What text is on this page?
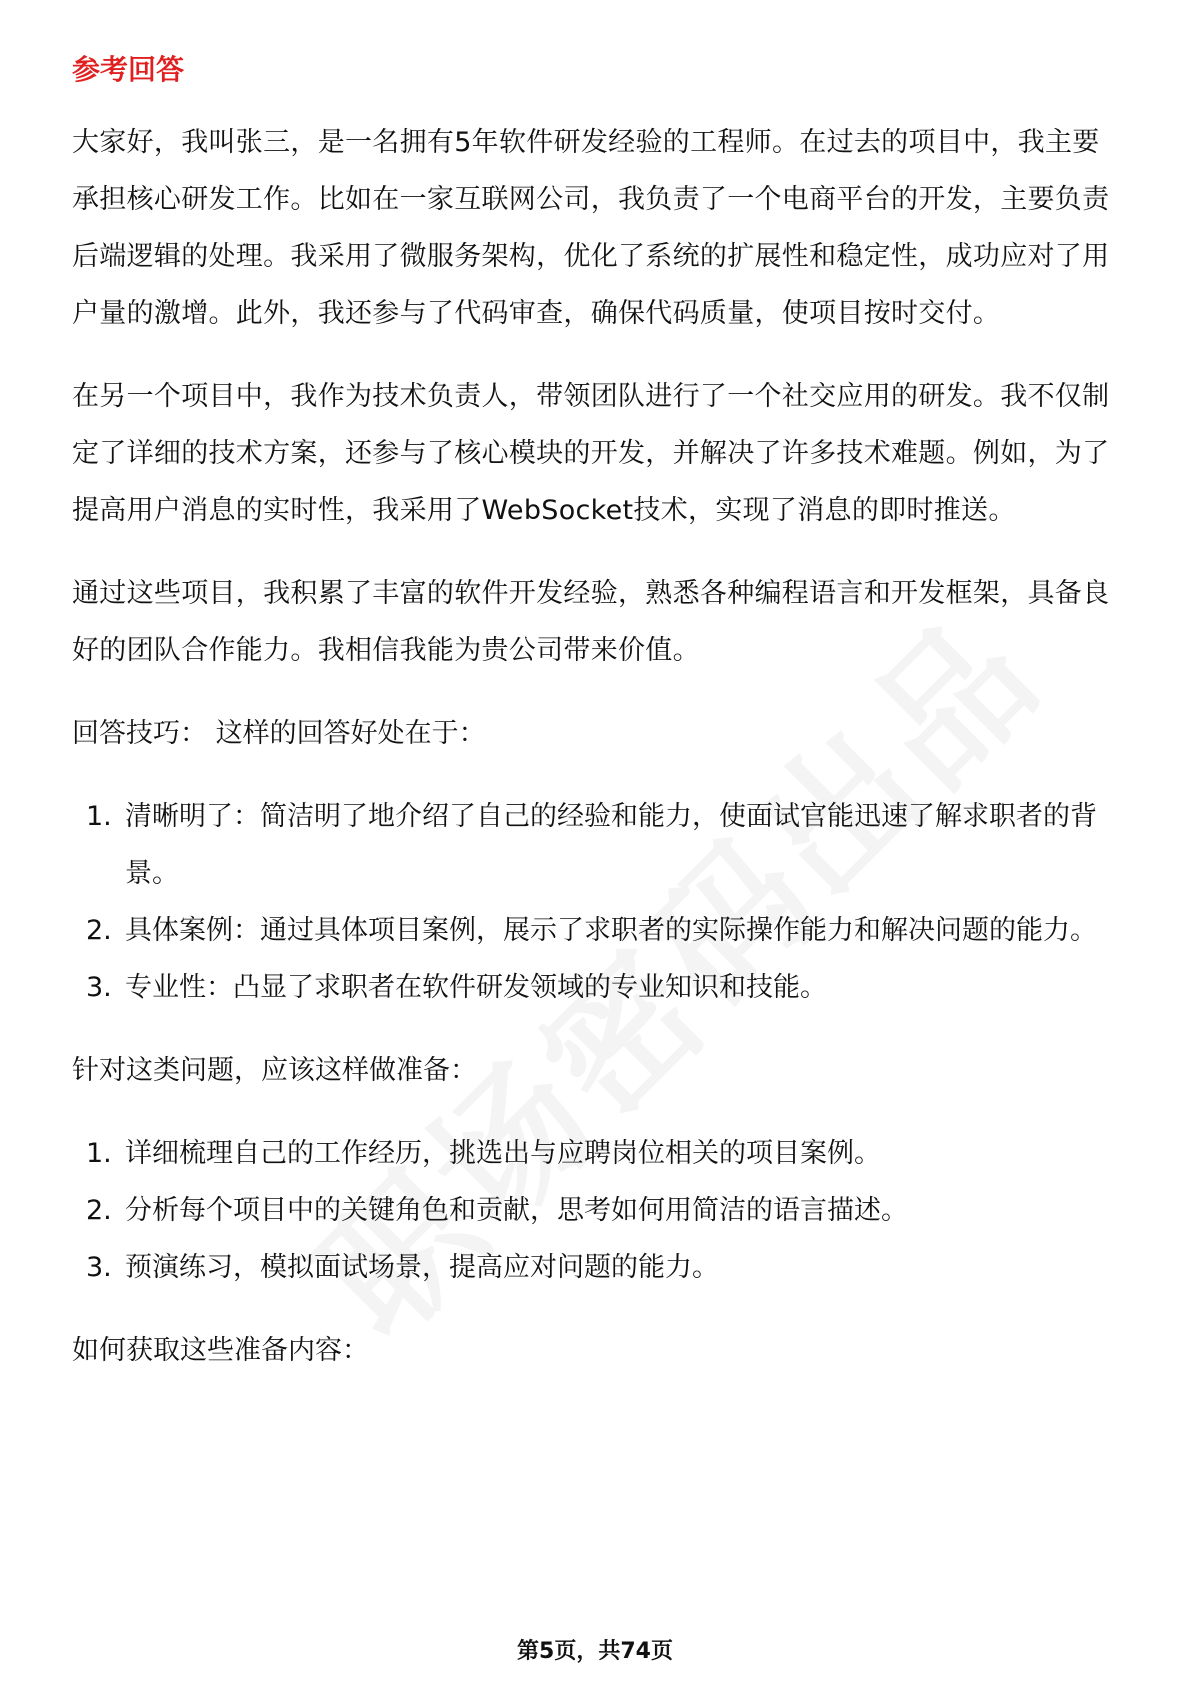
参考回答
大家好，我叫张三，是一名拥有5年软件研发经验的工程师。在过去的项目中，我主要承担核心研发工作。比如在一家互联网公司，我负责了一个电商平台的开发，主要负责后端逻辑的处理。我采用了微服务架构，优化了系统的扩展性和稳定性，成功应对了用户量的激增。此外，我还参与了代码审查，确保代码质量，使项目按时交付。
在另一个项目中，我作为技术负责人，带领团队进行了一个社交应用的研发。我不仅制定了详细的技术方案，还参与了核心模块的开发，并解决了许多技术难题。例如，为了提高用户消息的实时性，我采用了WebSocket技术，实现了消息的即时推送。
通过这些项目，我积累了丰富的软件开发经验，熟悉各种编程语言和开发框架，具备良好的团队合作能力。我相信我能为贵公司带来价值。
回答技巧： 这样的回答好处在于：
1. 清晰明了：简洁明了地介绍了自己的经验和能力，使面试官能迅速了解求职者的背景。
2. 具体案例：通过具体项目案例，展示了求职者的实际操作能力和解决问题的能力。
3. 专业性：凸显了求职者在软件研发领域的专业知识和技能。
针对这类问题，应该这样做准备：
1. 详细梳理自己的工作经历，挑选出与应聘岗位相关的项目案例。
2. 分析每个项目中的关键角色和贡献，思考如何用简洁的语言描述。
3. 预演练习，模拟面试场景，提高应对问题的能力。
如何获取这些准备内容：
第5页，共74页
